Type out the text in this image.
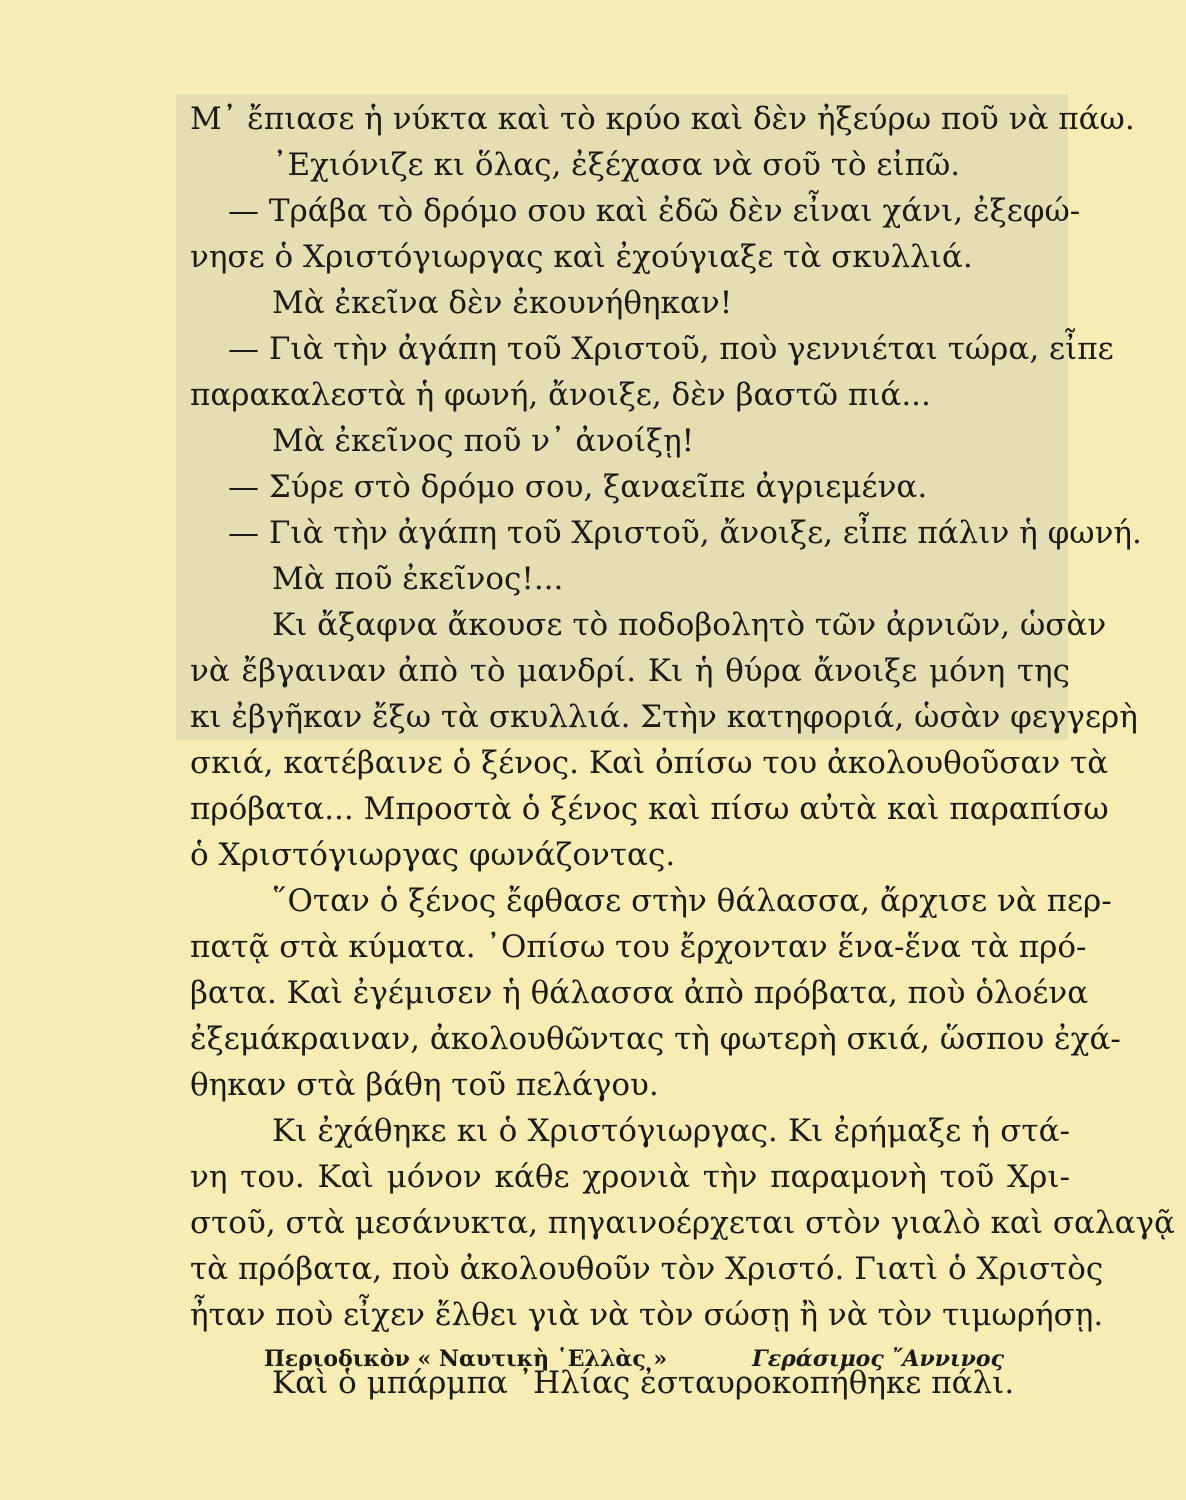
Μ᾽ ἔπιασε ἡ νύκτα καὶ τὸ κρύο καὶ δὲν ἠξεύρω ποῦ νὰ πάω.
᾽Εχιόνιζε κι ὅλας, ἐξέχασα νὰ σοῦ τὸ εἰπῶ.
— Τράβα τὸ δρόμο σου καὶ ἐδῶ δὲν εἶναι χάνι, ἐξεφώ-
νησε ὁ Χριστόγιωργας καὶ ἐχούγιαξε τὰ σκυλλιά.
Μὰ ἐκεῖνα δὲν ἐκουνήθηκαν!
— Γιὰ τὴν ἀγάπη τοῦ Χριστοῦ, ποὺ γεννιέται τώρα, εἶπε
παρακαλεστὰ ἡ φωνή, ἄνοιξε, δὲν βαστῶ πιά...
Μὰ ἐκεῖνος ποῦ ν᾽ ἀνοίξῃ!
— Σύρε στὸ δρόμο σου, ξαναεῖπε ἀγριεμένα.
— Γιὰ τὴν ἀγάπη τοῦ Χριστοῦ, ἄνοιξε, εἶπε πάλιν ἡ φωνή.
Μὰ ποῦ ἐκεῖνος!...
Κι ἄξαφνα ἄκουσε τὸ ποδοβολητὸ τῶν ἀρνιῶν, ὡσὰν
νὰ ἔβγαιναν ἀπὸ τὸ μανδρί. Κι ἡ θύρα ἄνοιξε μόνη της
κι ἐβγῆκαν ἔξω τὰ σκυλλιά. Στὴν κατηφοριά, ὡσὰν φεγγερὴ
σκιά, κατέβαινε ὁ ξένος. Καὶ ὀπίσω του ἀκολουθοῦσαν τὰ
πρόβατα... Μπροστὰ ὁ ξένος καὶ πίσω αὐτὰ καὶ παραπίσω
ὁ Χριστόγιωργας φωνάζοντας.
῞Οταν ὁ ξένος ἔφθασε στὴν θάλασσα, ἄρχισε νὰ περ-
πατᾷ στὰ κύματα. ᾽Οπίσω του ἔρχονταν ἕνα-ἕνα τὰ πρό-
βατα. Καὶ ἐγέμισεν ἡ θάλασσα ἀπὸ πρόβατα, ποὺ ὁλοένα
ἐξεμάκραιναν, ἀκολουθῶντας τὴ φωτερὴ σκιά, ὥσπου ἐχά-
θηκαν στὰ βάθη τοῦ πελάγου.
Κι ἐχάθηκε κι ὁ Χριστόγιωργας. Κι ἐρήμαξε ἡ στά-
νη του. Καὶ μόνον κάθε χρονιὰ τὴν παραμονὴ τοῦ Χρι-
στοῦ, στὰ μεσάνυκτα, πηγαινοέρχεται στὸν γιαλὸ καὶ σαλαγᾷ
τὰ πρόβατα, ποὺ ἀκολουθοῦν τὸν Χριστό. Γιατὶ ὁ Χριστὸς
ἦταν ποὺ εἶχεν ἔλθει γιὰ νὰ τὸν σώσῃ ἢ νὰ τὸν τιμωρήσῃ.
Καὶ ὁ μπάρμπα ᾽Ηλίας ἐσταυροκοπήθηκε πάλι.
Περιοδικὸν « Ναυτικὴ ῾Ελλὰς »	Γεράσιμος ῎Αννινος
